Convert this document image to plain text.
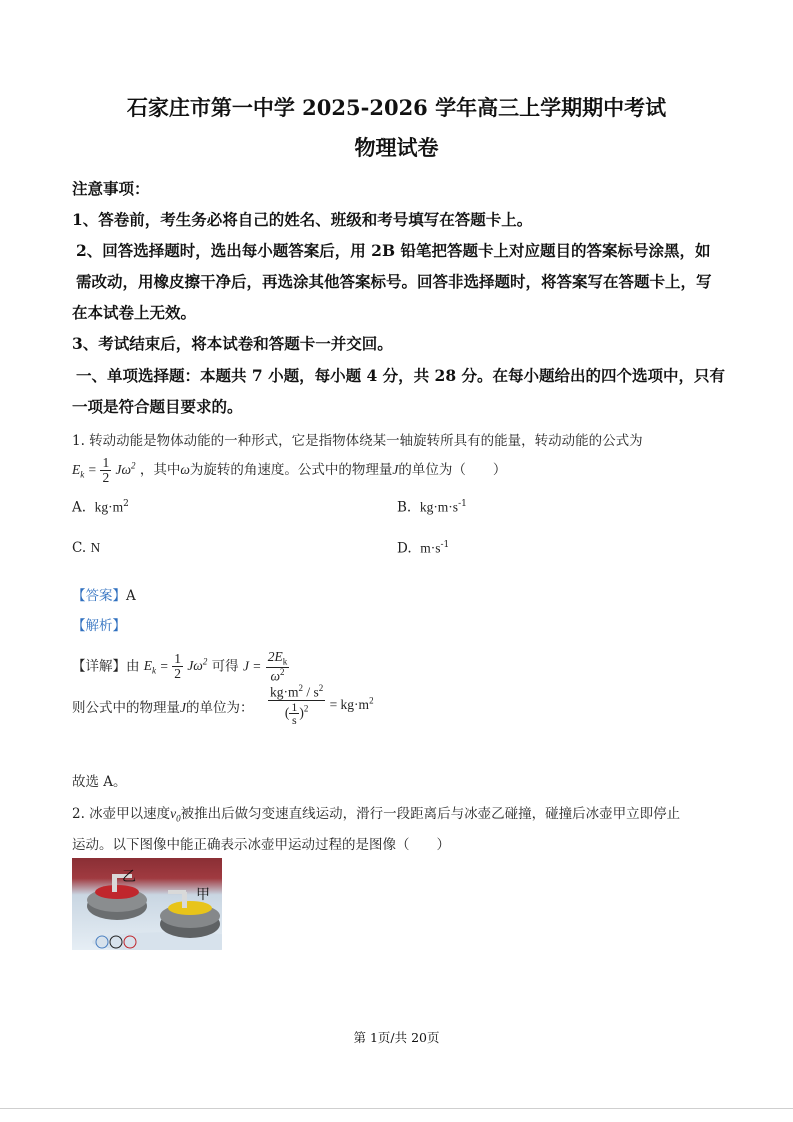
石家庄市第一中学 2025-2026 学年高三上学期期中考试
物理试卷
注意事项：
1、答卷前，考生务必将自己的姓名、班级和考号填写在答题卡上。
2、回答选择题时，选出每小题答案后，用 2B 铅笔把答题卡上对应题目的答案标号涂黑，如
需改动，用橡皮擦干净后，再选涂其他答案标号。回答非选择题时，将答案写在答题卡上，写
在本试卷上无效。
3、考试结束后，将本试卷和答题卡一并交回。
一、单项选择题：本题共 7 小题，每小题 4 分，共 28 分。在每小题给出的四个选项中，只有
一项是符合题目要求的。
1. 转动动能是物体动能的一种形式，它是指物体绕某一轴旋转所具有的能量，转动动能的公式为
$E_k = \frac{1}{2} J\omega^2$ ，其中ω为旋转的角速度。公式中的物理量J的单位为（　　）
A. $kg\cdot m^2$	B. $kg\cdot m\cdot s^{-1}$
C. N	D. $m\cdot s^{-1}$
【答案】A
【解析】
【详解】由 $E_k = \frac{1}{2} J\omega^2$ 可得 $J = \frac{2E_k}{\omega^2}$
则公式中的物理量J的单位为： $\frac{kg\cdot m^2 / s^2}{( \frac{1}{s} )^2} = kg\cdot m^2$
故选 A。
2. 冰壶甲以速度$v_0$被推出后做匀变速直线运动，滑行一段距离后与冰壶乙碰撞，碰撞后冰壶甲立即停止
运动。以下图像中能正确表示冰壶甲运动过程的是图像（　　）
乙
甲
第 1页/共 20页
